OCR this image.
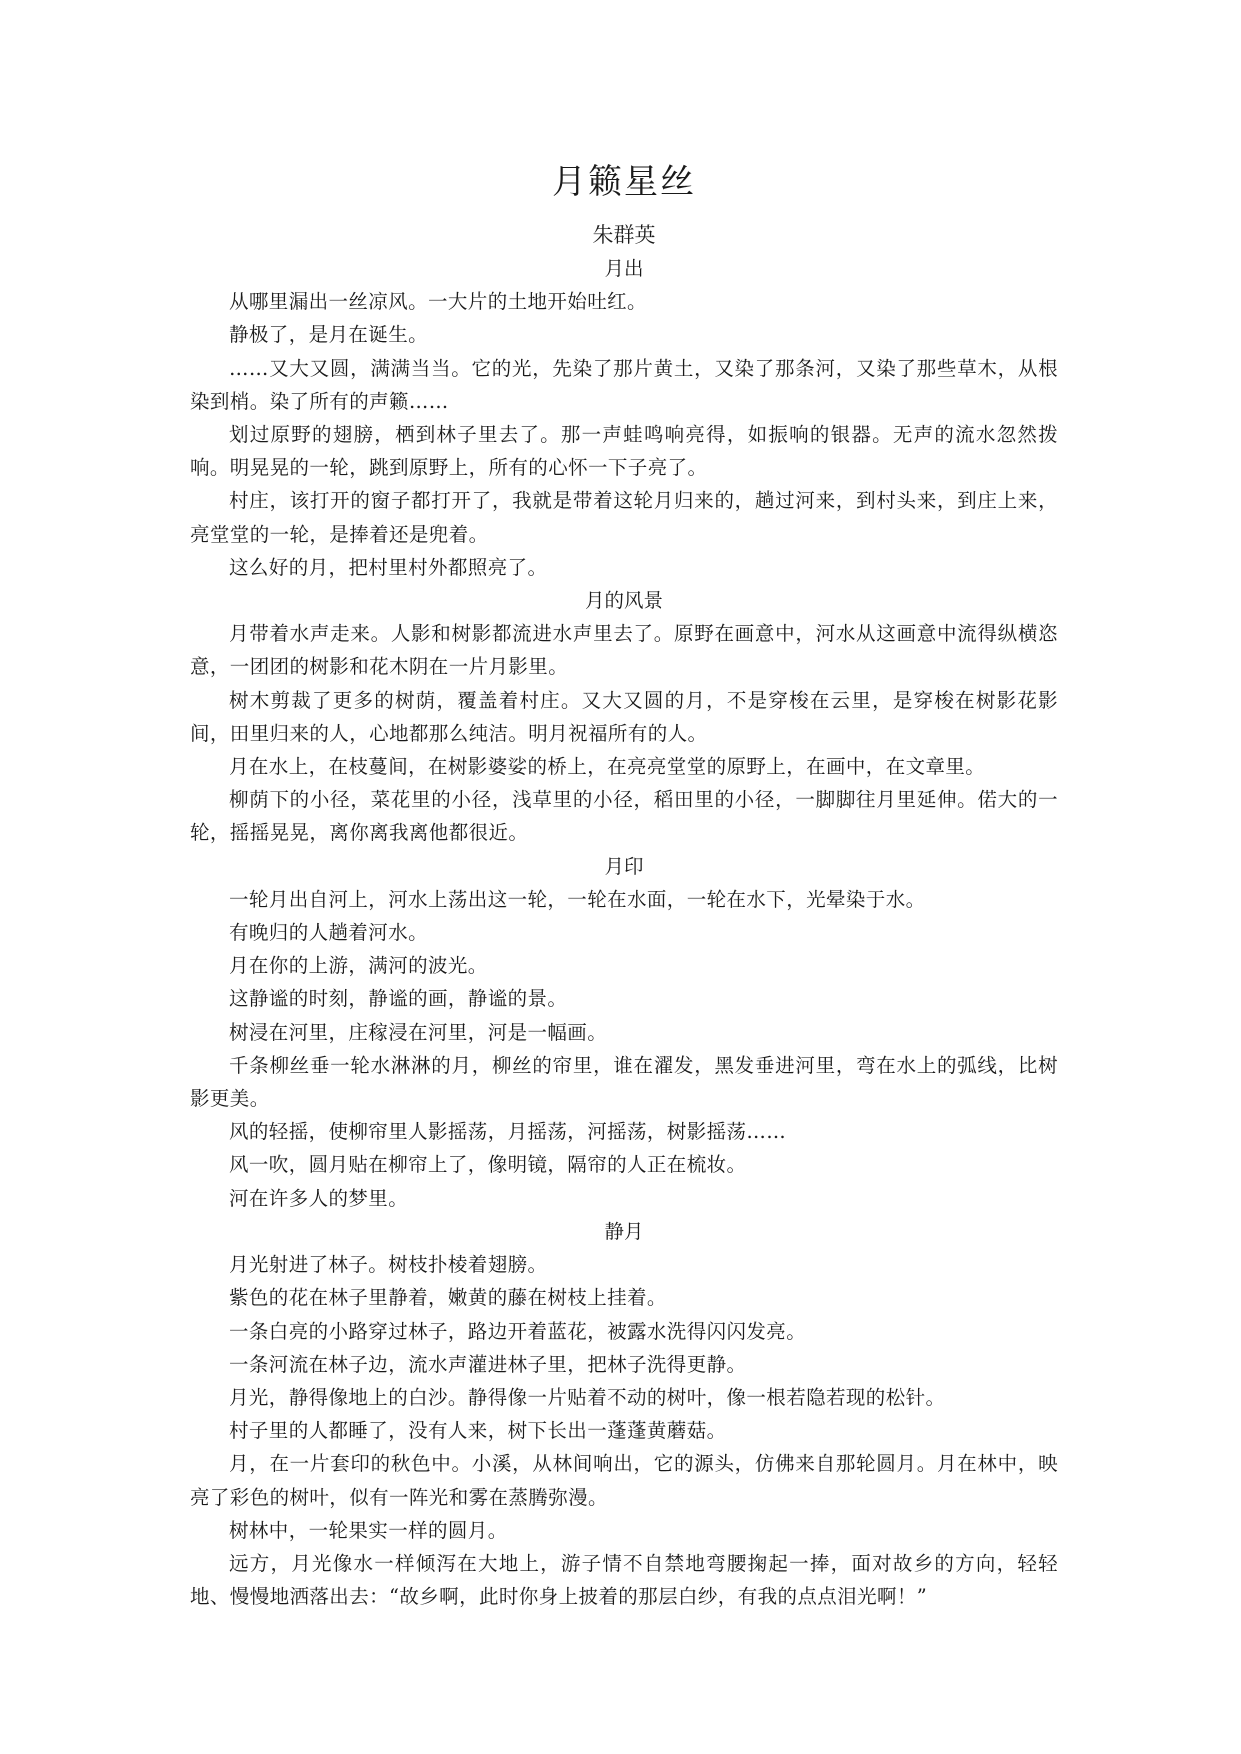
月籁星丝
朱群英
月出

从哪里漏出一丝凉风。一大片的土地开始吐红。

静极了，是月在诞生。

……又大又圆，满满当当。它的光，先染了那片黄土，又染了那条河，又染了那些草木，从根染到梢。染了所有的声籁……

划过原野的翅膀，栖到林子里去了。那一声蛙鸣响亮得，如振响的银器。无声的流水忽然拨响。明晃晃的一轮，跳到原野上，所有的心怀一下子亮了。

村庄，该打开的窗子都打开了，我就是带着这轮月归来的，趟过河来，到村头来，到庄上来，亮堂堂的一轮，是捧着还是兜着。

这么好的月，把村里村外都照亮了。

月的风景

月带着水声走来。人影和树影都流进水声里去了。原野在画意中，河水从这画意中流得纵横恣意，一团团的树影和花木阴在一片月影里。

树木剪裁了更多的树荫，覆盖着村庄。又大又圆的月，不是穿梭在云里，是穿梭在树影花影间，田里归来的人，心地都那么纯洁。明月祝福所有的人。

月在水上，在枝蔓间，在树影婆娑的桥上，在亮亮堂堂的原野上，在画中，在文章里。

柳荫下的小径，菜花里的小径，浅草里的小径，稻田里的小径，一脚脚往月里延伸。偌大的一轮，摇摇晃晃，离你离我离他都很近。

月印

一轮月出自河上，河水上荡出这一轮，一轮在水面，一轮在水下，光晕染于水。

有晚归的人趟着河水。

月在你的上游，满河的波光。

这静谧的时刻，静谧的画，静谧的景。

树浸在河里，庄稼浸在河里，河是一幅画。

千条柳丝垂一轮水淋淋的月，柳丝的帘里，谁在濯发，黑发垂进河里，弯在水上的弧线，比树影更美。

风的轻摇，使柳帘里人影摇荡，月摇荡，河摇荡，树影摇荡……

风一吹，圆月贴在柳帘上了，像明镜，隔帘的人正在梳妆。

河在许多人的梦里。

静月

月光射进了林子。树枝扑棱着翅膀。

紫色的花在林子里静着，嫩黄的藤在树枝上挂着。

一条白亮的小路穿过林子，路边开着蓝花，被露水洗得闪闪发亮。

一条河流在林子边，流水声灌进林子里，把林子洗得更静。

月光，静得像地上的白沙。静得像一片贴着不动的树叶，像一根若隐若现的松针。

村子里的人都睡了，没有人来，树下长出一蓬蓬黄蘑菇。

月，在一片套印的秋色中。小溪，从林间响出，它的源头，仿佛来自那轮圆月。月在林中，映亮了彩色的树叶，似有一阵光和雾在蒸腾弥漫。

树林中，一轮果实一样的圆月。

远方，月光像水一样倾泻在大地上，游子情不自禁地弯腰掬起一捧，面对故乡的方向，轻轻地、慢慢地洒落出去：“故乡啊，此时你身上披着的那层白纱，有我的点点泪光啊！”
